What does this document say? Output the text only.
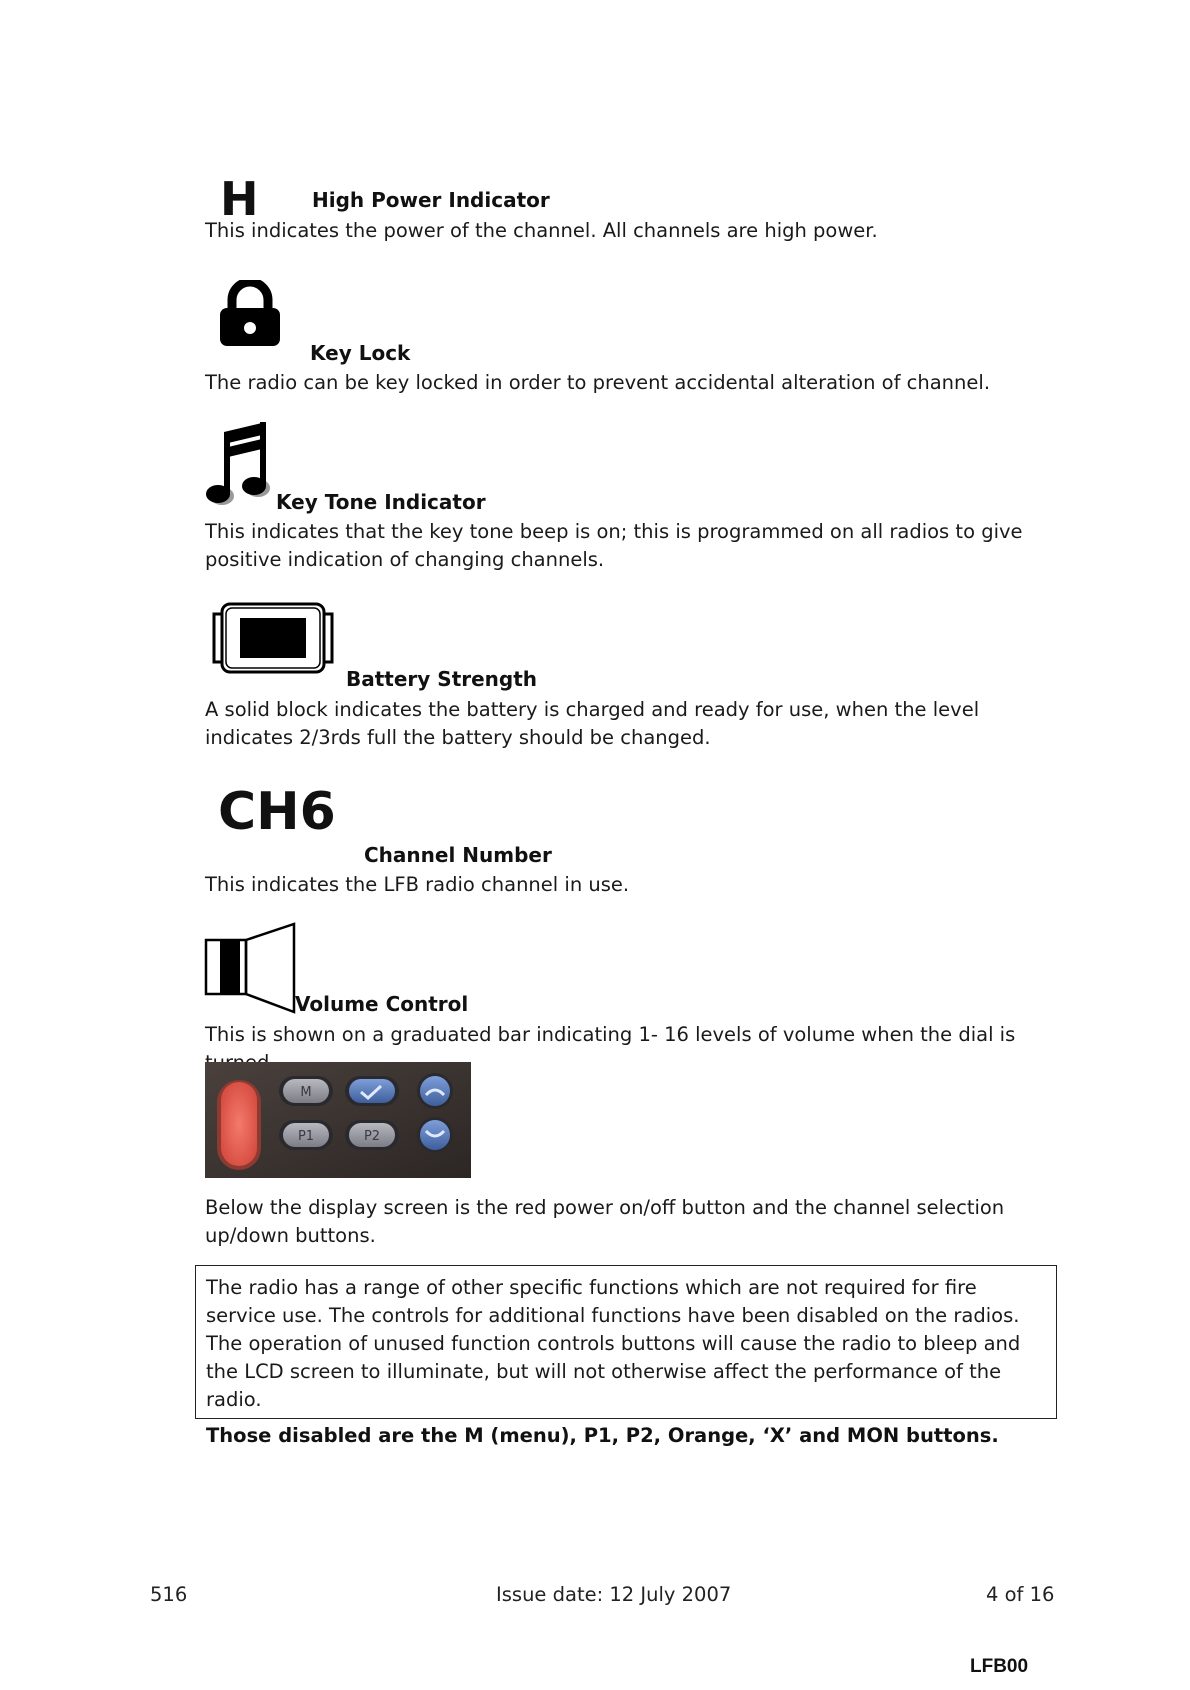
H	High Power Indicator
This indicates the power of the channel. All channels are high power.
Key Lock
The radio can be key locked in order to prevent accidental alteration of channel.
Key Tone Indicator
This indicates that the key tone beep is on; this is programmed on all radios to give positive indication of changing channels.
Battery Strength
A solid block indicates the battery is charged and ready for use, when the level indicates 2/3rds full the battery should be changed.
CH6
Channel Number
This indicates the LFB radio channel in use.
Volume Control
This is shown on a graduated bar indicating 1- 16 levels of volume when the dial is
M
P1	P2
Below the display screen is the red power on/off button and the channel selection up/down buttons.
The radio has a range of other specific functions which are not required for fire service use. The controls for additional functions have been disabled on the radios. The operation of unused function controls buttons will cause the radio to bleep and the LCD screen to illuminate, but will not otherwise affect the performance of the radio.
Those disabled are the M (menu), P1, P2, Orange, ‘X’ and MON buttons.
516	Issue date: 12 July 2007	4 of 16
LFB00
